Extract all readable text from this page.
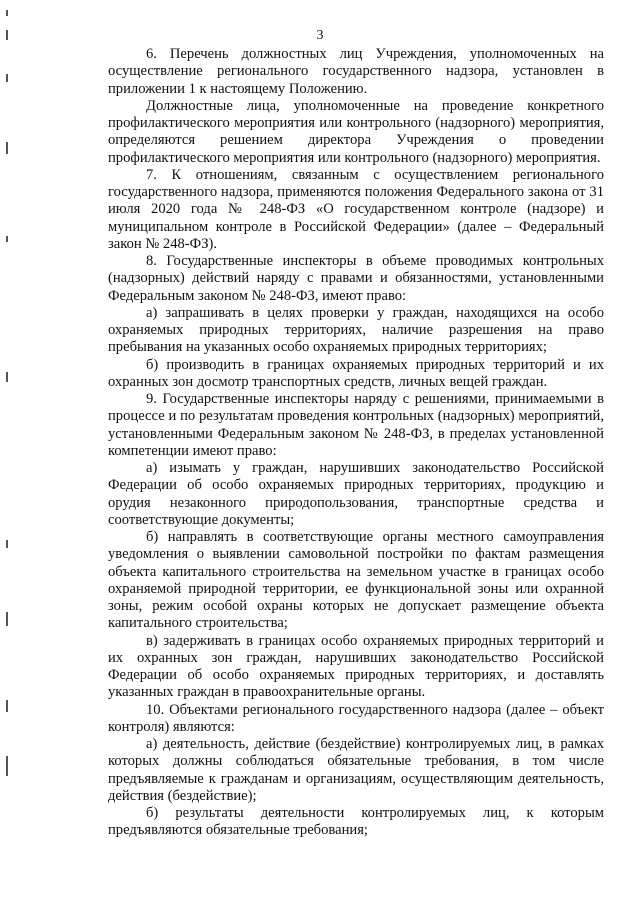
3

6. Перечень должностных лиц Учреждения, уполномоченных на осуществление регионального государственного надзора, установлен в приложении 1 к настоящему Положению.

Должностные лица, уполномоченные на проведение конкретного профилактического мероприятия или контрольного (надзорного) мероприятия, определяются решением директора Учреждения о проведении профилактического мероприятия или контрольного (надзорного) мероприятия.

7. К отношениям, связанным с осуществлением регионального государственного надзора, применяются положения Федерального закона от 31 июля 2020 года № 248-ФЗ «О государственном контроле (надзоре) и муниципальном контроле в Российской Федерации» (далее – Федеральный закон № 248-ФЗ).

8. Государственные инспекторы в объеме проводимых контрольных (надзорных) действий наряду с правами и обязанностями, установленными Федеральным законом № 248-ФЗ, имеют право:

а) запрашивать в целях проверки у граждан, находящихся на особо охраняемых природных территориях, наличие разрешения на право пребывания на указанных особо охраняемых природных территориях;

б) производить в границах охраняемых природных территорий и их охранных зон досмотр транспортных средств, личных вещей граждан.

9. Государственные инспекторы наряду с решениями, принимаемыми в процессе и по результатам проведения контрольных (надзорных) мероприятий, установленными Федеральным законом № 248-ФЗ, в пределах установленной компетенции имеют право:

а) изымать у граждан, нарушивших законодательство Российской Федерации об особо охраняемых природных территориях, продукцию и орудия незаконного природопользования, транспортные средства и соответствующие документы;

б) направлять в соответствующие органы местного самоуправления уведомления о выявлении самовольной постройки по фактам размещения объекта капитального строительства на земельном участке в границах особо охраняемой природной территории, ее функциональной зоны или охранной зоны, режим особой охраны которых не допускает размещение объекта капитального строительства;

в) задерживать в границах особо охраняемых природных территорий и их охранных зон граждан, нарушивших законодательство Российской Федерации об особо охраняемых природных территориях, и доставлять указанных граждан в правоохранительные органы.

10. Объектами регионального государственного надзора (далее – объект контроля) являются:

а) деятельность, действие (бездействие) контролируемых лиц, в рамках которых должны соблюдаться обязательные требования, в том числе предъявляемые к гражданам и организациям, осуществляющим деятельность, действия (бездействие);

б) результаты деятельности контролируемых лиц, к которым предъявляются обязательные требования;
